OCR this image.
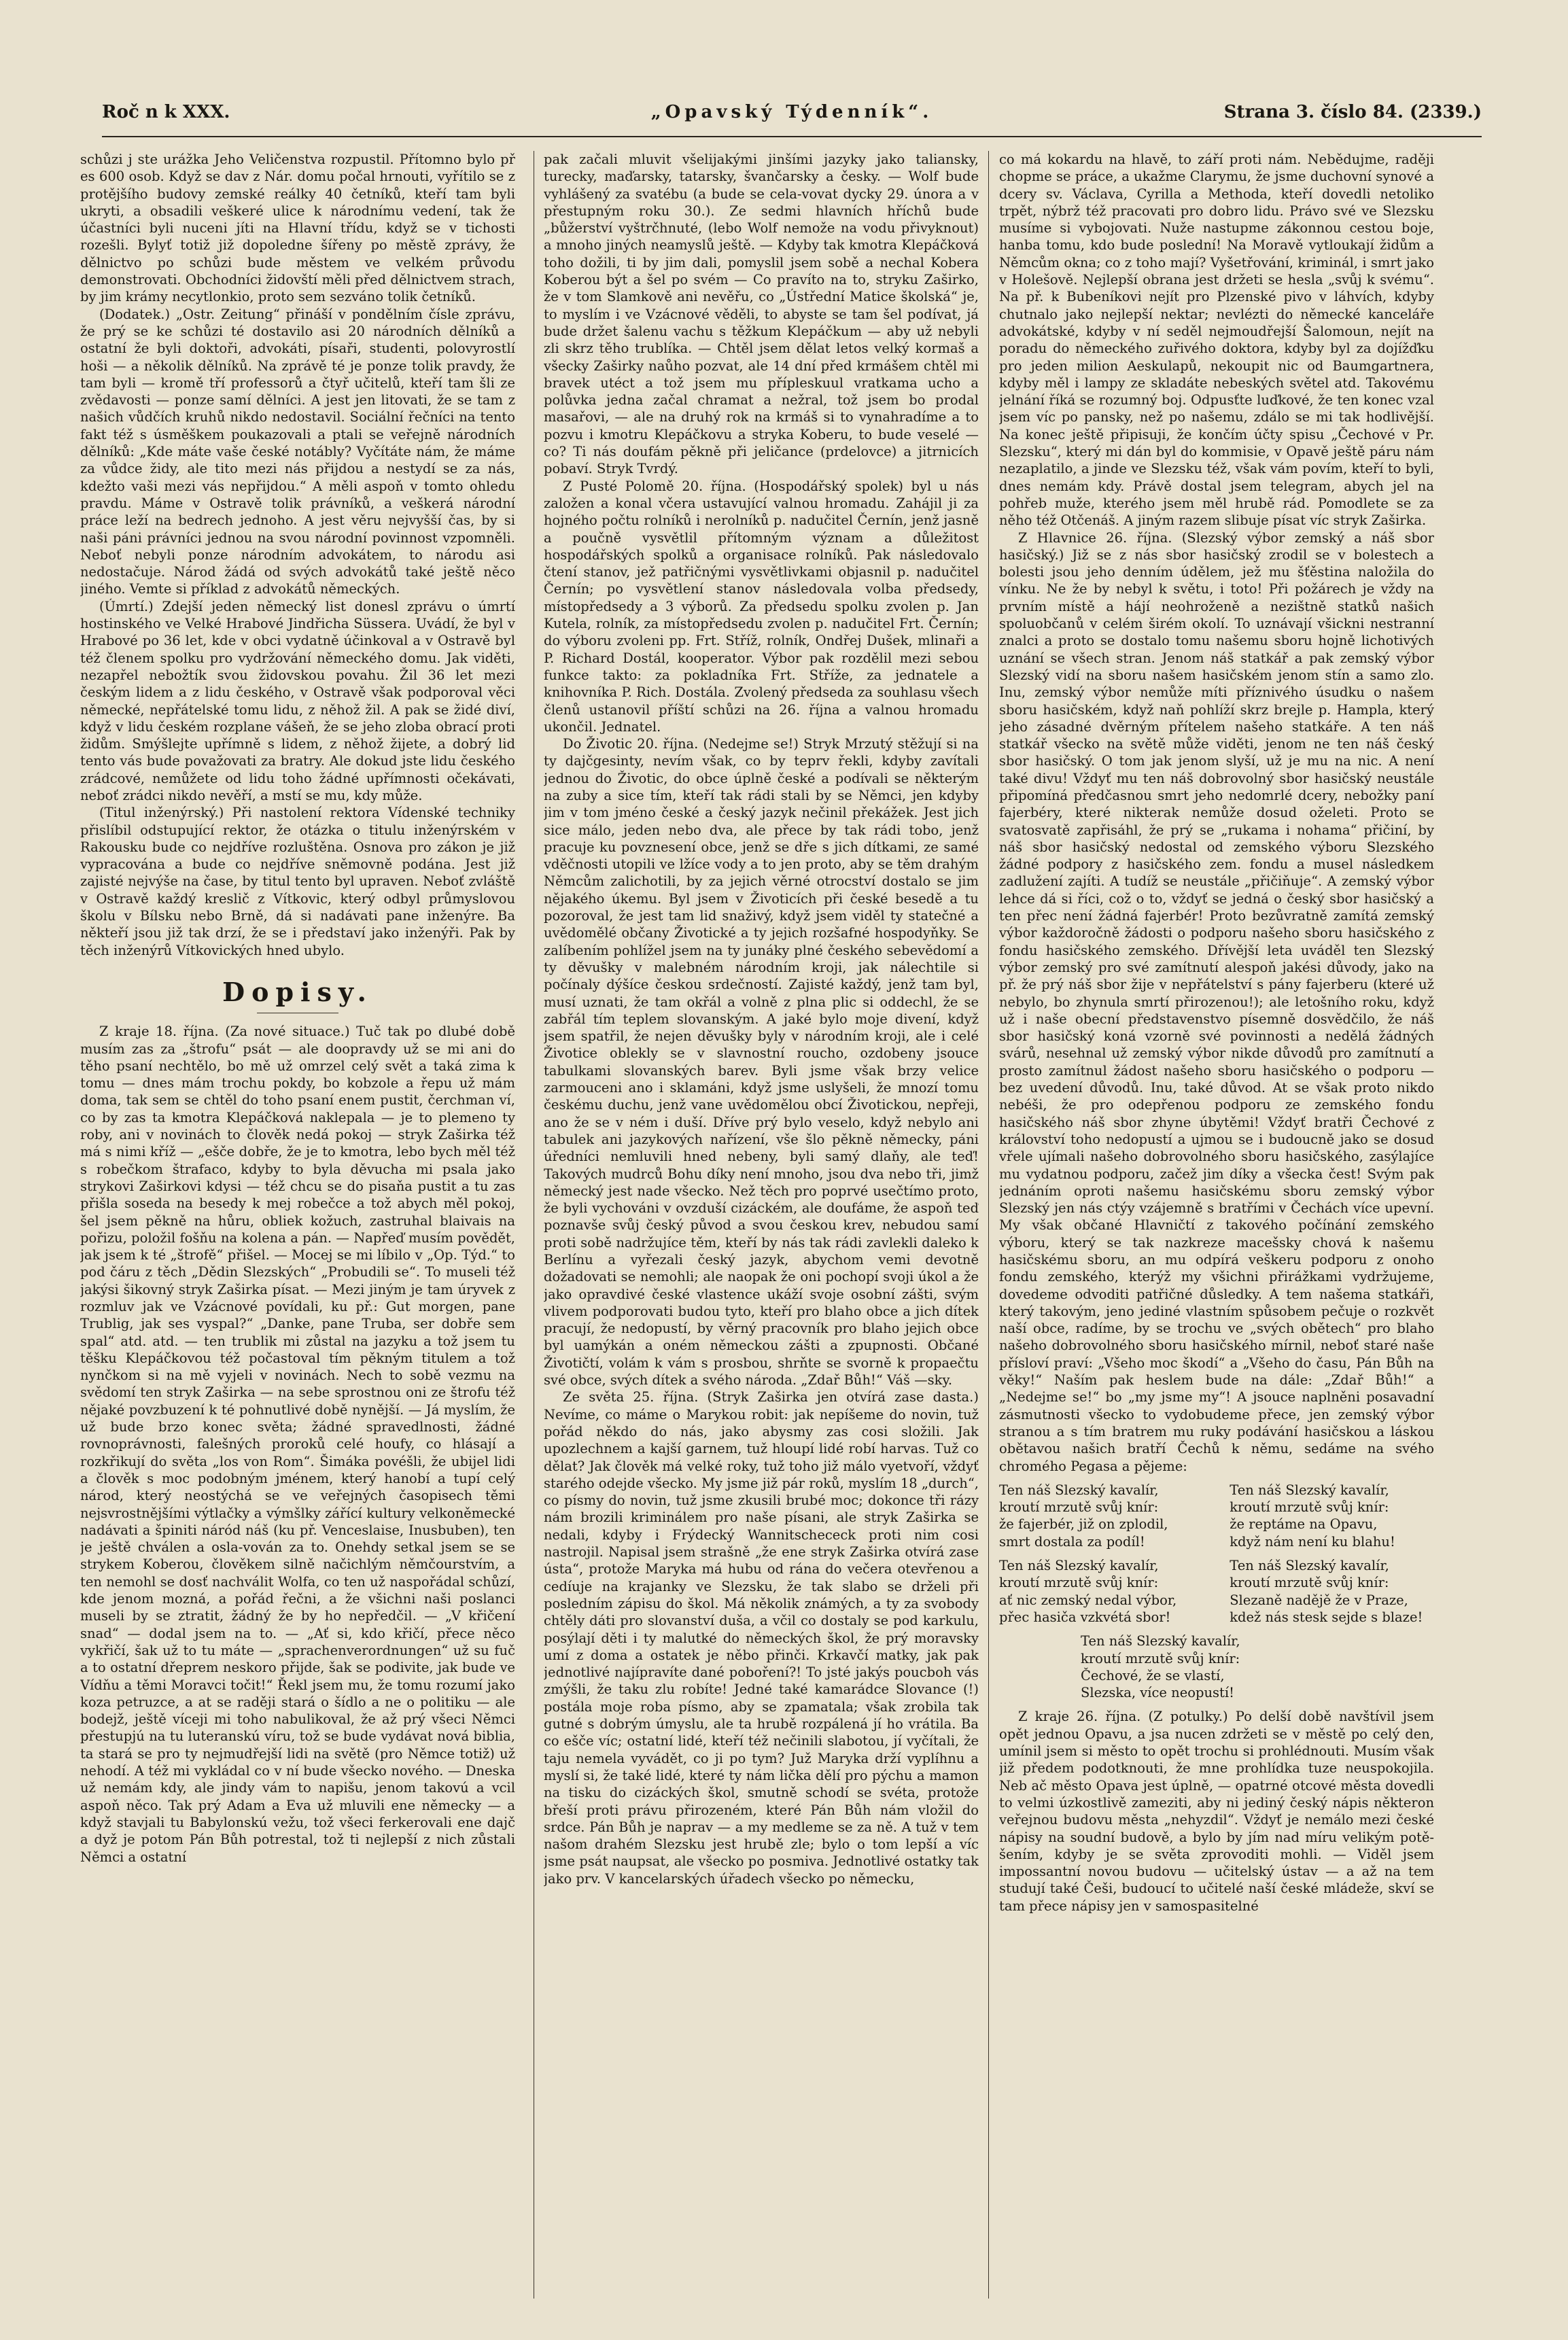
Roč n k XXX.	„Opavský Týdenník“.	Strana 3. číslo 84. (2339.)

schůzi j ste urážka Jeho Veličenstva rozpustil. Přítomno bylo př es 600 osob. Když se dav z Nár. domu počal hrnouti, vyřítilo se z protějšího budovy zemské reálky 40 četníků, kteří tam byli ukryti, a obsadili veškeré ulice k národnímu vedení, tak že účastníci byli nuceni jíti na Hlavní třídu, když se v tichosti rozešli. Bylyť totiž již dopoledne šířeny po městě zprávy, že dělnictvo po schůzi bude městem ve velkém průvodu demonstrovati. Obchodníci židovští měli před dělnictvem strach, by jim krámy necytlonkio, proto sem sezváno tolik četníků.

(Dodatek.) „Ostr. Zeitung“ přináší v pondělním čísle zprávu, že prý se ke schůzi té dostavilo asi 20 národních dělníků a ostatní že byli doktoři, advokáti, písaři, studenti, polovyrostlí hoši — a několik dělníků. Na zprávě té je ponze tolik pravdy, že tam byli — kromě tří professorů a čtyř učitelů, kteří tam šli ze zvědavosti — ponze samí dělníci. A jest jen litovati, že se tam z našich vůdčích kruhů nikdo nedostavil. Sociální řečníci na tento fakt též s úsměškem poukazovali a ptali se veřejně národních dělníků: „Kde máte vaše české notábly? Vyčítáte nám, že máme za vůdce židy, ale tito mezi nás přijdou a nestydí se za nás, kdežto vaši mezi vás nepřijdou.“ A měli aspoň v tomto ohledu pravdu. Máme v Ostravě tolik právníků, a veškerá národní práce leží na bedrech jednoho. A jest věru nejvyšší čas, by si naši páni právníci jednou na svou národní povinnost vzpomněli. Neboť nebyli ponze národním advokátem, to národu asi nedostačuje. Národ žádá od svých advokátů také ještě něco jiného. Vemte si příklad z advokátů německých.

(Úmrtí.) Zdejší jeden německý list donesl zprávu o úmrtí hostinského ve Velké Hrabové Jindřicha Süssera. Uvádí, že byl v Hrabové po 36 let, kde v obci vydatně účinkoval a v Ostravě byl též členem spolku pro vydržování německého domu. Jak viděti, nezapřel nebožtík svou židovskou povahu. Žil 36 let mezi českým lidem a z lidu českého, v Ostravě však podporoval věci německé, nepřátelské tomu lidu, z něhož žil. A pak se židé diví, když v lidu českém rozplane vášeň, že se jeho zloba obrací proti židům. Smýšlejte upřímně s lidem, z něhož žijete, a dobrý lid tento vás bude považovati za bratry. Ale dokud jste lidu českého zrádcové, nemůžete od lidu toho žádné upřímnosti očekávati, neboť zrádci nikdo nevěří, a mstí se mu, kdy může.

(Titul inženýrský.) Při nastolení rektora Vídenské techniky přislíbil odstupující rektor, že otázka o titulu inženýrském v Rakousku bude co nejdříve rozluštěna. Osnova pro zákon je již vypracována a bude co nejdříve sněmovně podána. Jest již zajisté nejvýše na čase, by titul tento byl upraven. Neboť zvláště v Ostravě každý kreslič z Vítkovic, který odbyl průmyslovou školu v Bílsku nebo Brně, dá si nadávati pane inženýre. Ba někteří jsou již tak drzí, že se i představí jako inženýři. Pak by těch inženýrů Vítkovických hned ubylo.

Dopisy.

Z kraje 18. října. (Za nové situace.) Tuč tak po dlubé době musím zas za „štrofu“ psát — ale doopravdy už se mi ani do těho psaní nechtělo, bo mě už omrzel celý svět a taká zima k tomu — dnes mám trochu pokdy, bo kobzole a řepu už mám doma, tak sem se chtěl do toho psaní enem pustit, čerchman ví, co by zas ta kmotra Klepáčková naklepala — je to plemeno ty roby, ani v novinách to člověk nedá pokoj — stryk Zaširka též má s nimi kříž — „ešče dobře, že je to kmotra, lebo bych měl též s robečkom štrafaco, kdyby to byla děvucha mi psala jako strykovi Zaširkovi kdysi — též chcu se do pisaňa pustit a tu zas přišla soseda na besedy k mej robečce a tož abych měl pokoj, šel jsem pěkně na hůru, obliek kožuch, zastruhal blaivais na pořizu, položil fošňu na kolena a pán. — Napřeď musím povědět, jak jsem k té „štrofě“ přišel. — Mocej se mi líbilo v „Op. Týd.“ to pod čáru z těch „Dědin Slezských“ „Probudili se“. To museli též jakýsi šikovný stryk Zaširka písat. — Mezi jiným je tam úryvek z rozmluv jak ve Vzácnové povídali, ku př.: Gut morgen, pane Trublig, jak ses vyspal?“ „Danke, pane Truba, ser dobře sem spal“ atd. atd. — ten trublik mi zůstal na jazyku a tož jsem tu těšku Klepáčkovou též počastoval tím pěkným titulem a tož nynčkom si na mě vyjeli v novinách. Nech to sobě vezmu na svědomí ten stryk Zaširka — na sebe sprostnou oni ze štrofu též nějaké povzbuzení k té pohnutlivé době nynější. — Já myslím, že už bude brzo konec světa; žádné spravedlnosti, žádné rovnoprávnosti, falešných proroků celé houfy, co hlásají a rozkřikují do světa „los von Rom“. Šimáka povéšli, že ubijel lidi a člověk s moc podobným jménem, který hanobí a tupí celý národ, který neostýchá se ve veřejných časopisech těmi nejsvrostnějšími výtlačky a výmšlky zářící kultury velkoněmecké nadávati a špiniti náród náš (ku př. Venceslaise, Inusbuben), ten je ještě chválen a osla-vován za to. Onehdy setkal jsem se se strykem Koberou, člověkem silně načichlým němčourstvím, a ten nemohl se dosť nachválit Wolfa, co ten už naspořádal schůzí, kde jenom mozná, a pořád řečni, a že všichni naši poslanci museli by se ztratit, žádný že by ho nepředčil. — „V křičení snad“ — dodal jsem na to. — „Ať si, kdo křičí, přece něco vykřičí, šak už to tu máte — „sprachenverordnungen“ už su fuč a to ostatní dřeprem neskoro přijde, šak se podivite, jak bude ve Vídňu a těmi Moravci točit!“ Řekl jsem mu, že tomu rozumí jako koza petruzce, a at se raději stará o šídlo a ne o politiku — ale bodejž, ještě víceji mi toho nabulikoval, že až prý všeci Němci přestupjú na tu luteranskú víru, tož se bude vydávat nová biblia, ta stará se pro ty nejmudřejší lidi na světě (pro Němce totiž) už nehodí. A též mi vykládal co v ní bude všecko nového. — Dneska už nemám kdy, ale jindy vám to napišu, jenom takovú a vcil aspoň něco. Tak prý Adam a Eva už mluvili ene německy — a když stavjali tu Babylonskú vežu, tož všeci ferkerovali ene dajč a dyž je potom Pán Bůh potrestal, tož ti nejlepší z nich zůstali Němci a ostatní

pak začali mluvit všelijakými jinšími jazyky jako taliansky, turecky, maďarsky, tatarsky, švančarsky a česky. — Wolf bude vyhlášený za svatébu (a bude se cela-vovat dycky 29. února a v přestupným roku 30.). Ze sedmi hlavních hříchů bude „bůžerství vyštrčhnuté, (lebo Wolf nemože na vodu přivyknout) a mnoho jiných neamyslů ještě. — Kdyby tak kmotra Klepáčková toho dožili, ti by jim dali, pomyslil jsem sobě a nechal Kobera Koberou být a šel po svém — Co pravíto na to, stryku Zaširko, že v tom Slamkově ani nevěřu, co „Ústřední Matice školská“ je, to myslím i ve Vzácnové věděli, to abyste se tam šel podívat, já bude držet šalenu vachu s těžkum Klepáčkum — aby už nebyli zli skrz těho trublíka. — Chtěl jsem dělat letos velký kormaš a všecky Zaširky naůho pozvat, ale 14 dní před krmášem chtěl mi bravek utéct a tož jsem mu přípleskuul vratkama ucho a polůvka jedna začal chramat a nežral, tož jsem bo prodal masařovi, — ale na druhý rok na krmáš si to vynahradíme a to pozvu i kmotru Klepáčkovu a stryka Koberu, to bude veselé — co? Ti nás doufám pěkně při jeličance (prdelovce) a jitrnicích pobaví. Stryk Tvrdý.

Z Pusté Polomě 20. října. (Hospodářský spolek) byl u nás založen a konal včera ustavující valnou hromadu. Zahájil ji za hojného počtu rolníků i nerolníků p. nadučitel Černín, jenž jasně a poučně vysvětlil přítomným význam a důležitost hospodářských spolků a organisace rolníků. Pak následovalo čtení stanov, jež patřičnými vysvětlivkami objasnil p. nadučitel Černín; po vysvětlení stanov následovala volba předsedy, místopředsedy a 3 výborů. Za předsedu spolku zvolen p. Jan Kutela, rolník, za místopředsedu zvolen p. nadučitel Frt. Černín; do výboru zvoleni pp. Frt. Stříž, rolník, Ondřej Dušek, mlinaři a P. Richard Dostál, kooperator. Výbor pak rozdělil mezi sebou funkce takto: za pokladníka Frt. Stříže, za jednatele a knihovníka P. Rich. Dostála. Zvolený předseda za souhlasu všech členů ustanovil příští schůzi na 26. října a valnou hromadu ukončil. Jednatel.

Do Životic 20. října. (Nedejme se!) Stryk Mrzutý stěžují si na ty dajčgesinty, nevím však, co by teprv řekli, kdyby zavítali jednou do Životic, do obce úplně české a podívali se některým na zuby a sice tím, kteří tak rádi stali by se Němci, jen kdyby jim v tom jméno české a český jazyk nečinil překážek. Jest jich sice málo, jeden nebo dva, ale přece by tak rádi tobo, jenž pracuje ku povznesení obce, jenž se dře s jich dítkami, ze samé vděčnosti utopili ve lžíce vody a to jen proto, aby se těm drahým Němcům zalichotili, by za jejich věrné otrocství dostalo se jim nějakého úkemu. Byl jsem v Životicích při české besedě a tu pozoroval, že jest tam lid snaživý, když jsem viděl ty statečné a uvědomělé občany Životické a ty jejich rozšafné hospodyňky. Se zalíbením pohlížel jsem na ty junáky plné českého sebevědomí a ty děvušky v malebném národním kroji, jak nálechtile si počínaly dýšíce českou srdečností. Zajisté každý, jenž tam byl, musí uznati, že tam okřál a volně z plna plic si oddechl, že se zabřál tím teplem slovanským. A jaké bylo moje divení, když jsem spatřil, že nejen děvušky byly v národním kroji, ale i celé Životice oblekly se v slavnostní roucho, ozdobeny jsouce tabulkami slovanských barev. Byli jsme však brzy velice zarmouceni ano i sklamáni, když jsme uslyšeli, že mnozí tomu českému duchu, jenž vane uvědomělou obcí Životickou, nepřeji, ano že se v ném i duší. Dříve prý bylo veselo, když nebylo ani tabulek ani jazykových nařízení, vše šlo pěkně německy, páni úředníci nemluvili hned nebeny, byli samý dlaňy, ale teď! Takových mudrců Bohu díky není mnoho, jsou dva nebo tři, jimž německý jest nade všecko. Než těch pro poprvé usečtímo proto, že byli vychováni v ovzduší cizáckém, ale doufáme, že aspoň teď poznavše svůj český původ a svou českou krev, nebudou samí proti sobě nadržujíce těm, kteří by nás tak rádi zavlekli daleko k Berlínu a vyřezali český jazyk, abychom vemi devotně dožadovati se nemohli; ale naopak že oni pochopí svoji úkol a že jako opravdivé české vlastence ukáží svoje osobní zášti, svým vlivem podporovati budou tyto, kteří pro blaho obce a jich dítek pracují, že nedopustí, by věrný pracovník pro blaho jejich obce byl uamýkán a oném německou zášti a zpupnosti. Občané Životičtí, volám k vám s prosbou, shrňte se svorně k propaečtu své obce, svých dítek a svého národa. „Zdař Bůh!“ Váš —sky.

Ze světa 25. října. (Stryk Zaširka jen otvírá zase dasta.) Nevíme, co máme o Marykou robit: jak nepíšeme do novin, tuž pořád někdo do nás, jako abysmy zas cosi složili. Jak upozlechnem a kajší garnem, tuž hloupí lidé robí harvas. Tuž co dělat? Jak člověk má velké roky, tuž toho již málo vyetvoří, vždyť starého odejde všecko. My jsme již pár roků, myslím 18 „durch“, co písmy do novin, tuž jsme zkusili brubé moc; dokonce tři rázy nám brozili kriminálem pro naše písani, ale stryk Zaširka se nedali, kdyby i Frýdecký Wannitschececk proti nim cosi nastrojil. Napisal jsem strašně „že ene stryk Zaširka otvírá zase ústa“, protože Maryka má hubu od rána do večera otevřenou a cedíuje na krajanky ve Slezsku, že tak slabo se drželi při posledním zápisu do škol. Má několik známých, a ty za svobody chtěly dáti pro slovanství duša, a včil co dostaly se pod karkulu, posýlají děti i ty malutké do německých škol, že prý moravsky umí z doma a ostatek je něbo přinči. Krkavčí matky, jak pak jednotlivé najípravíte dané poboření?! To jsté jakýs poucboh vás zmýšli, že taku zlu robíte! Jedné také kamarádce Slovance (!) postála moje roba písmo, aby se zpamatala; však zrobila tak gutné s dobrým úmyslu, ale ta hrubě rozpálená jí ho vrátila. Ba co ešče víc; ostatní lidé, kteří též nečinili slabotou, jí vyčítali, že taju nemela vyvádět, co ji po tym? Juž Maryka drží vyplíhnu a myslí si, že také lidé, které ty nám lička dělí pro pýchu a mamon na tisku do cizáckých škol, smutně schodí se svéta, protože břeší proti právu přirozeném, které Pán Bůh nám vložil do srdce. Pán Bůh je naprav — a my medleme se za ně. A tuž v tem našom drahém Slezsku jest hrubě zle; bylo o tom lepší a víc jsme psát naupsat, ale všecko po posmiva. Jednotlivé ostatky tak jako prv. V kancelarských úřadech všecko po německu,

co má kokardu na hlavě, to září proti nám. Nebědujme, raději chopme se práce, a ukažme Clarymu, že jsme duchovní synové a dcery sv. Václava, Cyrilla a Methoda, kteří dovedli netoliko trpět, nýbrž též pracovati pro dobro lidu. Právo své ve Slezsku musíme si vybojovati. Nuže nastupme zákonnou cestou boje, hanba tomu, kdo bude poslední! Na Moravě vytloukají židům a Němcům okna; co z toho mají? Vyšetřování, kriminál, i smrt jako v Holešově. Nejlepší obrana jest držeti se hesla „svůj k svému“. Na př. k Bubeníkovi nejít pro Plzenské pivo v láhvích, kdyby chutnalo jako nejlepší nektar; nevlézti do německé kanceláře advokátské, kdyby v ní seděl nejmoudřejší Šalomoun, nejít na poradu do německého zuřivého doktora, kdyby byl za dojížďku pro jeden milion Aeskulapů, nekoupit nic od Baumgartnera, kdyby měl i lampy ze skladáte nebeských světel atd. Takovému jelnání říká se rozumný boj. Odpusťte luďkové, že ten konec vzal jsem víc po pansky, než po našemu, zdálo se mi tak hodlivější. Na konec ještě připisuji, že končím účty spisu „Čechové v Pr. Slezsku“, který mi dán byl do kommisie, v Opavě ještě páru nám nezaplatilo, a jinde ve Slezsku též, však vám povím, kteří to byli, dnes nemám kdy. Právě dostal jsem telegram, abych jel na pohřeb muže, kterého jsem měl hrubě rád. Pomodlete se za něho též Otčenáš. A jiným razem slibuje písat víc stryk Zaširka.

Z Hlavnice 26. října. (Slezský výbor zemský a náš sbor hasičský.) Již se z nás sbor hasičský zrodil se v bolestech a bolesti jsou jeho denním údělem, jež mu šťěstina naložila do vínku. Ne že by nebyl k světu, i toto! Při požárech je vždy na prvním místě a hájí neohroženě a nezištně statků našich spoluobčanů v celém širém okolí. To uznávají všickni nestranní znalci a proto se dostalo tomu našemu sboru hojně lichotivých uznání se všech stran. Jenom náš statkář a pak zemský výbor Slezský vidí na sboru našem hasičském jenom stín a samo zlo. Inu, zemský výbor nemůže míti příznivého úsudku o našem sboru hasičském, když naň pohlíží skrz brejle p. Hampla, který jeho zásadné dvěrným přítelem našeho statkáře. A ten náš statkář všecko na světě může viděti, jenom ne ten náš český sbor hasičský. O tom jak jenom slyší, už je mu na nic. A není také divu! Vždyť mu ten náš dobrovolný sbor hasičský neustále připomíná předčasnou smrt jeho nedomrlé dcery, nebožky paní fajerbéry, které nikterak nemůže dosud oželeti. Proto se svatosvatě zapřisáhl, že prý se „rukama i nohama“ přičiní, by náš sbor hasičský nedostal od zemského výboru Slezského žádné podpory z hasičského zem. fondu a musel následkem zadlužení zajíti. A tudíž se neustále „přičiňuje“. A zemský výbor lehce dá si říci, což o to, vždyť se jedná o český sbor hasičský a ten přec není žádná fajerbér! Proto bezůvratně zamítá zemský výbor každoročně žádosti o podporu našeho sboru hasičského z fondu hasičského zemského. Dřívější leta uváděl ten Slezský výbor zemský pro své zamítnutí alespoň jakési důvody, jako na př. že prý náš sbor žije v nepřátelství s pány fajerberu (které už nebylo, bo zhynula smrtí přirozenou!); ale letošního roku, když už i naše obecní představenstvo písemně dosvědčilo, že náš sbor hasičský koná vzorně své povinnosti a nedělá žádných svárů, nesehnal už zemský výbor nikde důvodů pro zamítnutí a prosto zamítnul žádost našeho sboru hasičského o podporu — bez uvedení důvodů. Inu, také důvod. At se však proto nikdo nebéši, že pro odepřenou podporu ze zemského fondu hasičského náš sbor zhyne úbytěmi! Vždyť bratři Čechové z království toho nedopustí a ujmou se i budoucně jako se dosud vřele ujímali našeho dobrovolného sboru hasičského, zasýlajíce mu vydatnou podporu, začež jim díky a všecka čest! Svým pak jednáním oproti našemu hasičskému sboru zemský výbor Slezský jen nás ctýy vzájemně s bratřími v Čechách více upevní. My však občané Hlavničtí z takového počínání zemského výboru, který se tak nazkreze macešsky chová k našemu hasičskému sboru, an mu odpírá veškeru podporu z onoho fondu zemského, kterýž my všichni přirážkami vydržujeme, dovedeme odvoditi patřičné důsledky. A tem našema statkáři, který takovým, jeno jediné vlastním spůsobem pečuje o rozkvět naší obce, radíme, by se trochu ve „svých obětech“ pro blaho našeho dobrovolného sboru hasičského mírnil, neboť staré naše přísloví praví: „Všeho moc škodí“ a „Všeho do času, Pán Bůh na věky!“ Naším pak heslem bude na dále: „Zdař Bůh!“ a „Nedejme se!“ bo „my jsme my“! A jsouce naplněni posavadní zásmutnosti všecko to vydobudeme přece, jen zemský výbor stranou a s tím bratrem mu ruky podávání hasičskou a láskou obětavou našich bratří Čechů k němu, sedáme na svého chromého Pegasa a pějeme:

Ten náš Slezský kavalír,
kroutí mrzutě svůj knír:
že fajerbér, již on zplodil,
smrt dostala za podíl!
Ten náš Slezský kavalír,
kroutí mrzutě svůj knír:
že reptáme na Opavu,
když nám není ku blahu!
Ten náš Slezský kavalír,
kroutí mrzutě svůj knír:
ať nic zemský nedal výbor,
přec hasiča vzkvétá sbor!
Ten náš Slezský kavalír,
kroutí mrzutě svůj knír:
Slezaně nadějě že v Praze,
kdež nás stesk sejde s blaze!
Ten náš Slezský kavalír,
kroutí mrzutě svůj knír:
Čechové, že se vlastí,
Slezska, více neopustí!

Z kraje 26. října. (Z potulky.) Po delší době navštívil jsem opět jednou Opavu, a jsa nucen zdržeti se v městě po celý den, umínil jsem si město to opět trochu si prohlédnouti. Musím však již předem podotknouti, že mne prohlídka tuze neuspokojila. Neb ač město Opava jest úplně, — opatrné otcové města dovedli to velmi úzkostlivě zameziti, aby ni jediný český nápis některon veřejnou budovu města „nehyzdil“. Vždyť je nemálo mezi české nápisy na soudní budově, a bylo by jím nad míru velikým potěšením, kdyby je se světa zprovoditi mohli. — Viděl jsem impossantní novou budovu — učitelský ústav — a až na tem studují také Češi, budoucí to učitelé naší české mládeže, skví se tam přece nápisy jen v samospasitelné
